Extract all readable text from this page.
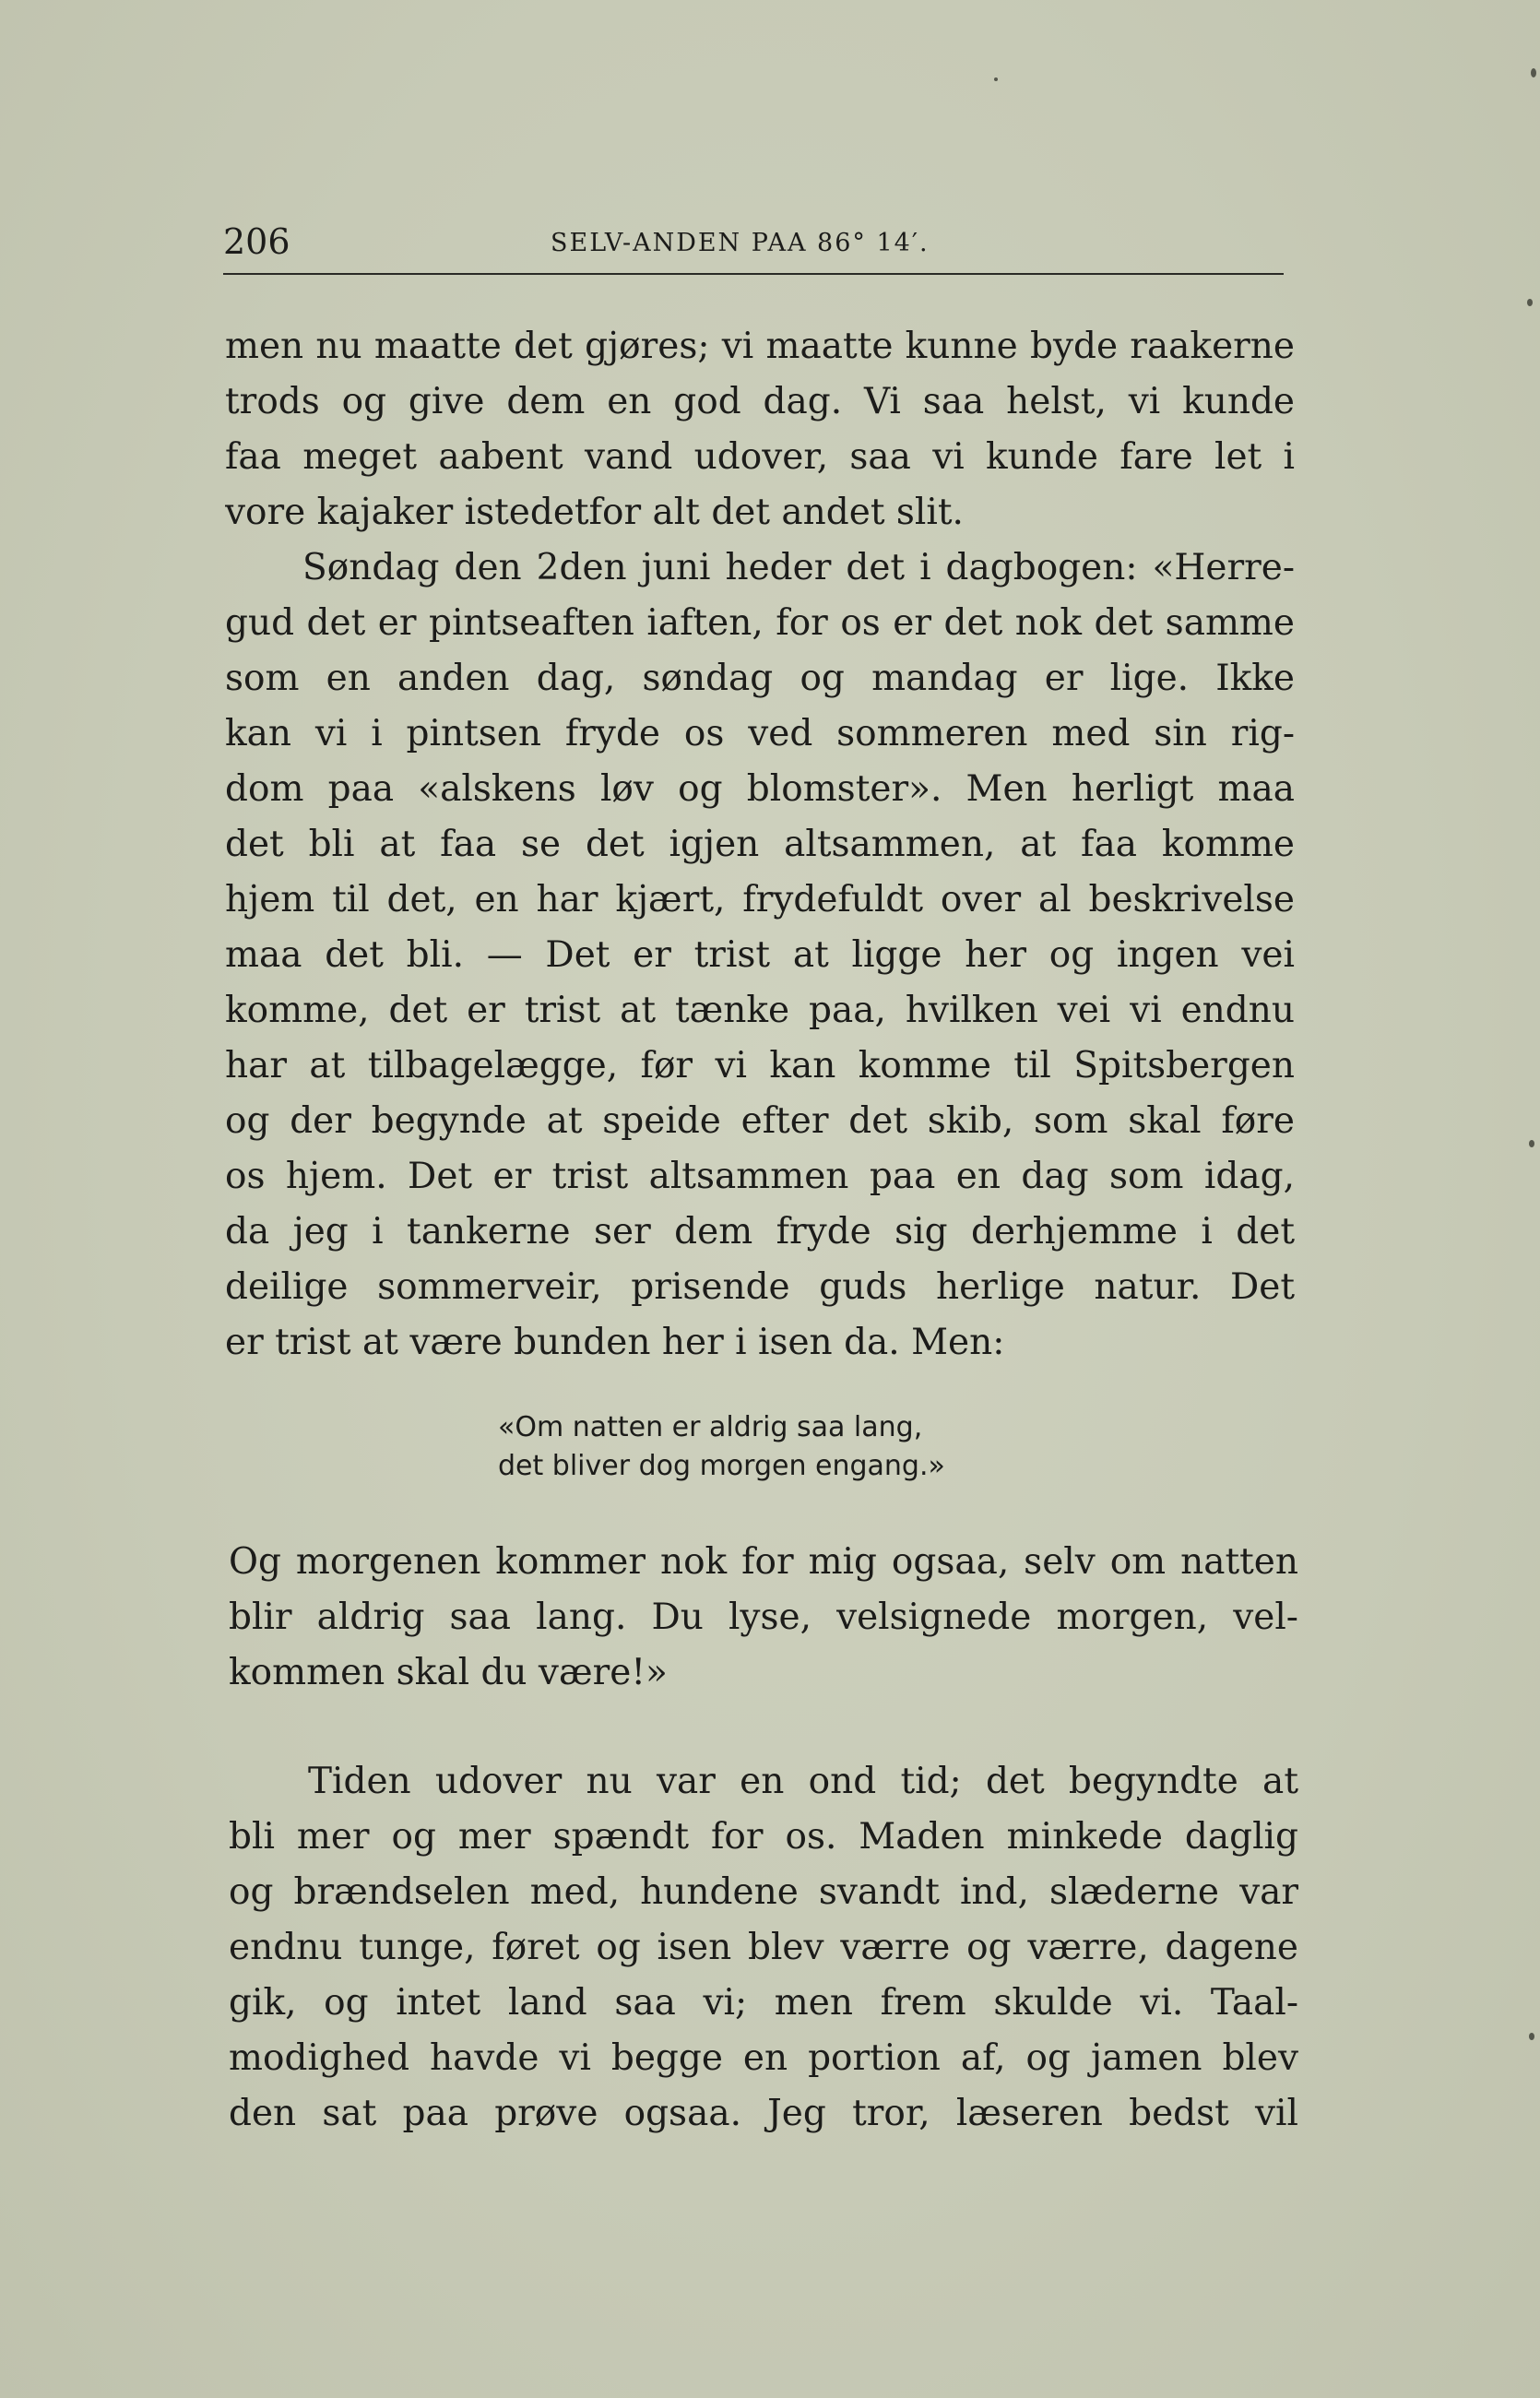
206	SELV-ANDEN PAA 86° 14′.
men nu maatte det gjøres; vi maatte kunne byde raakerne
trods og give dem en god dag. Vi saa helst, vi kunde
faa meget aabent vand udover, saa vi kunde fare let i
vore kajaker istedetfor alt det andet slit.
Søndag den 2den juni heder det i dagbogen: «Herre-
gud det er pintseaften iaften, for os er det nok det samme
som en anden dag, søndag og mandag er lige. Ikke
kan vi i pintsen fryde os ved sommeren med sin rig-
dom paa «alskens løv og blomster». Men herligt maa
det bli at faa se det igjen altsammen, at faa komme
hjem til det, en har kjært, frydefuldt over al beskrivelse
maa det bli. — Det er trist at ligge her og ingen vei
komme, det er trist at tænke paa, hvilken vei vi endnu
har at tilbagelægge, før vi kan komme til Spitsbergen
og der begynde at speide efter det skib, som skal føre
os hjem. Det er trist altsammen paa en dag som idag,
da jeg i tankerne ser dem fryde sig derhjemme i det
deilige sommerveir, prisende guds herlige natur. Det
er trist at være bunden her i isen da. Men:
«Om natten er aldrig saa lang,
det bliver dog morgen engang.»
Og morgenen kommer nok for mig ogsaa, selv om natten
blir aldrig saa lang. Du lyse, velsignede morgen, vel-
kommen skal du være!»
Tiden udover nu var en ond tid; det begyndte at
bli mer og mer spændt for os. Maden minkede daglig
og brændselen med, hundene svandt ind, slæderne var
endnu tunge, føret og isen blev værre og værre, dagene
gik, og intet land saa vi; men frem skulde vi. Taal-
modighed havde vi begge en portion af, og jamen blev
den sat paa prøve ogsaa. Jeg tror, læseren bedst vil
